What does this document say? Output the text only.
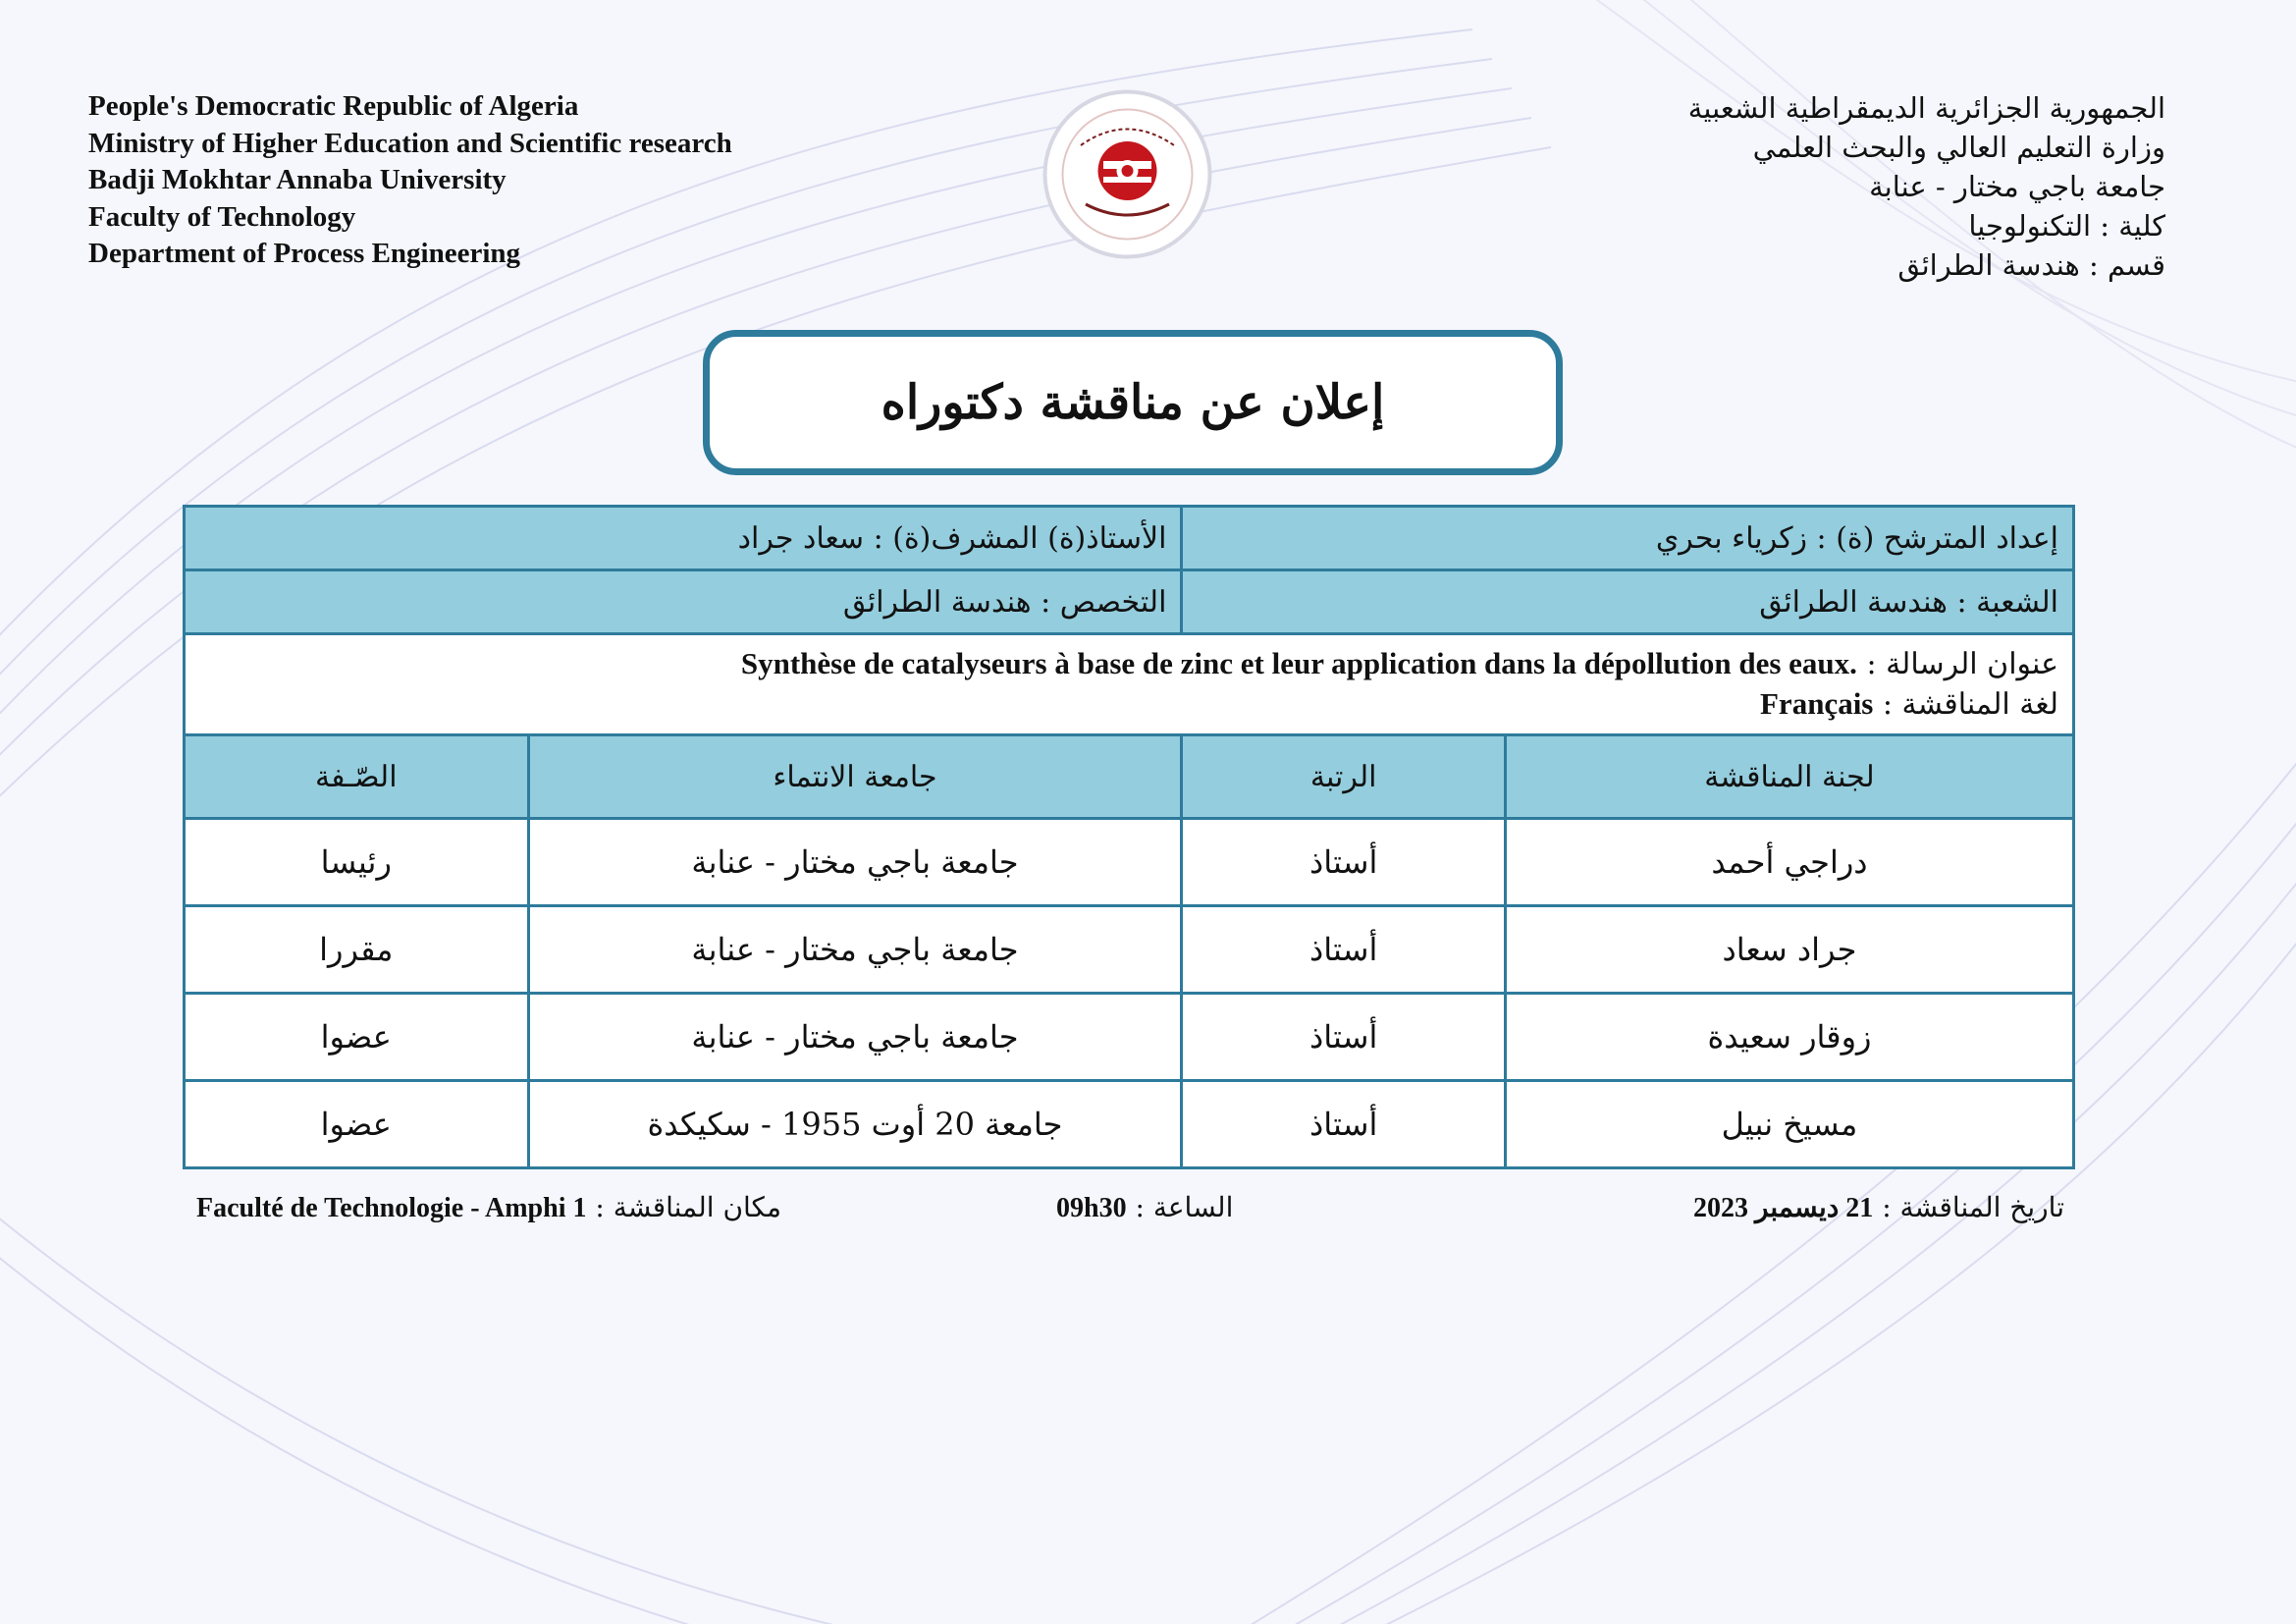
People's Democratic Republic of Algeria
Ministry of Higher Education and Scientific research
Badji Mokhtar Annaba University
Faculty of Technology
Department of Process Engineering
الجمهورية الجزائرية الديمقراطية الشعبية
وزارة التعليم العالي والبحث العلمي
جامعة باجي مختار - عنابة
كلية : التكنولوجيا
قسم : هندسة الطرائق
إعلان عن مناقشة دكتوراه
إعداد المترشح (ة) : زكرياء بحري		الأستاذ(ة) المشرف(ة) : سعاد جراد	
الشعبة : هندسة الطرائق		التخصص : هندسة الطرائق	

عنوان الرسالة : Synthèse de catalyseurs à base de zinc et leur application dans la dépollution des eaux.
لغة المناقشة : Français			

لجنة المناقشة	الرتبة	جامعة الانتماء	الصّـفة
دراجي أحمد	أستاذ	جامعة باجي مختار - عنابة	رئيسا
جراد سعاد	أستاذ	جامعة باجي مختار - عنابة	مقررا
زوقار سعيدة	أستاذ	جامعة باجي مختار - عنابة	عضوا
مسيخ نبيل	أستاذ	جامعة 20 أوت 1955 - سكيكدة	عضوا
تاريخ المناقشة : 21 ديسمبر 2023
الساعة : 09h30
مكان المناقشة : Faculté de Technologie - Amphi 1
